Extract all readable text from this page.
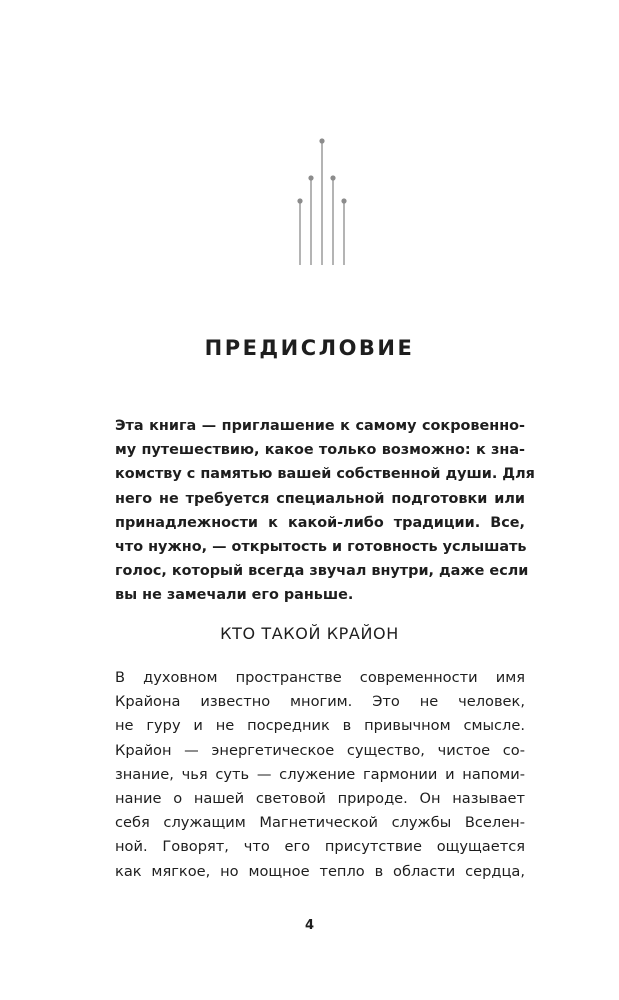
ПРЕДИСЛОВИЕ
Эта книга — приглашение к самому сокровенно-
му путешествию, какое только возможно: к зна-
комству с памятью вашей собственной души. Для
него не требуется специальной подготовки или
принадлежности к какой-либо традиции. Все,
что нужно, — открытость и готовность услышать
голос, который всегда звучал внутри, даже если
вы не замечали его раньше.
КТО ТАКОЙ КРАЙОН
В духовном пространстве современности имя
Крайона известно многим. Это не человек,
не гуру и не посредник в привычном смысле.
Крайон — энергетическое существо, чистое со-
знание, чья суть — служение гармонии и напоми-
нание о нашей световой природе. Он называет
себя служащим Магнетической службы Вселен-
ной. Говорят, что его присутствие ощущается
как мягкое, но мощное тепло в области сердца,
4
